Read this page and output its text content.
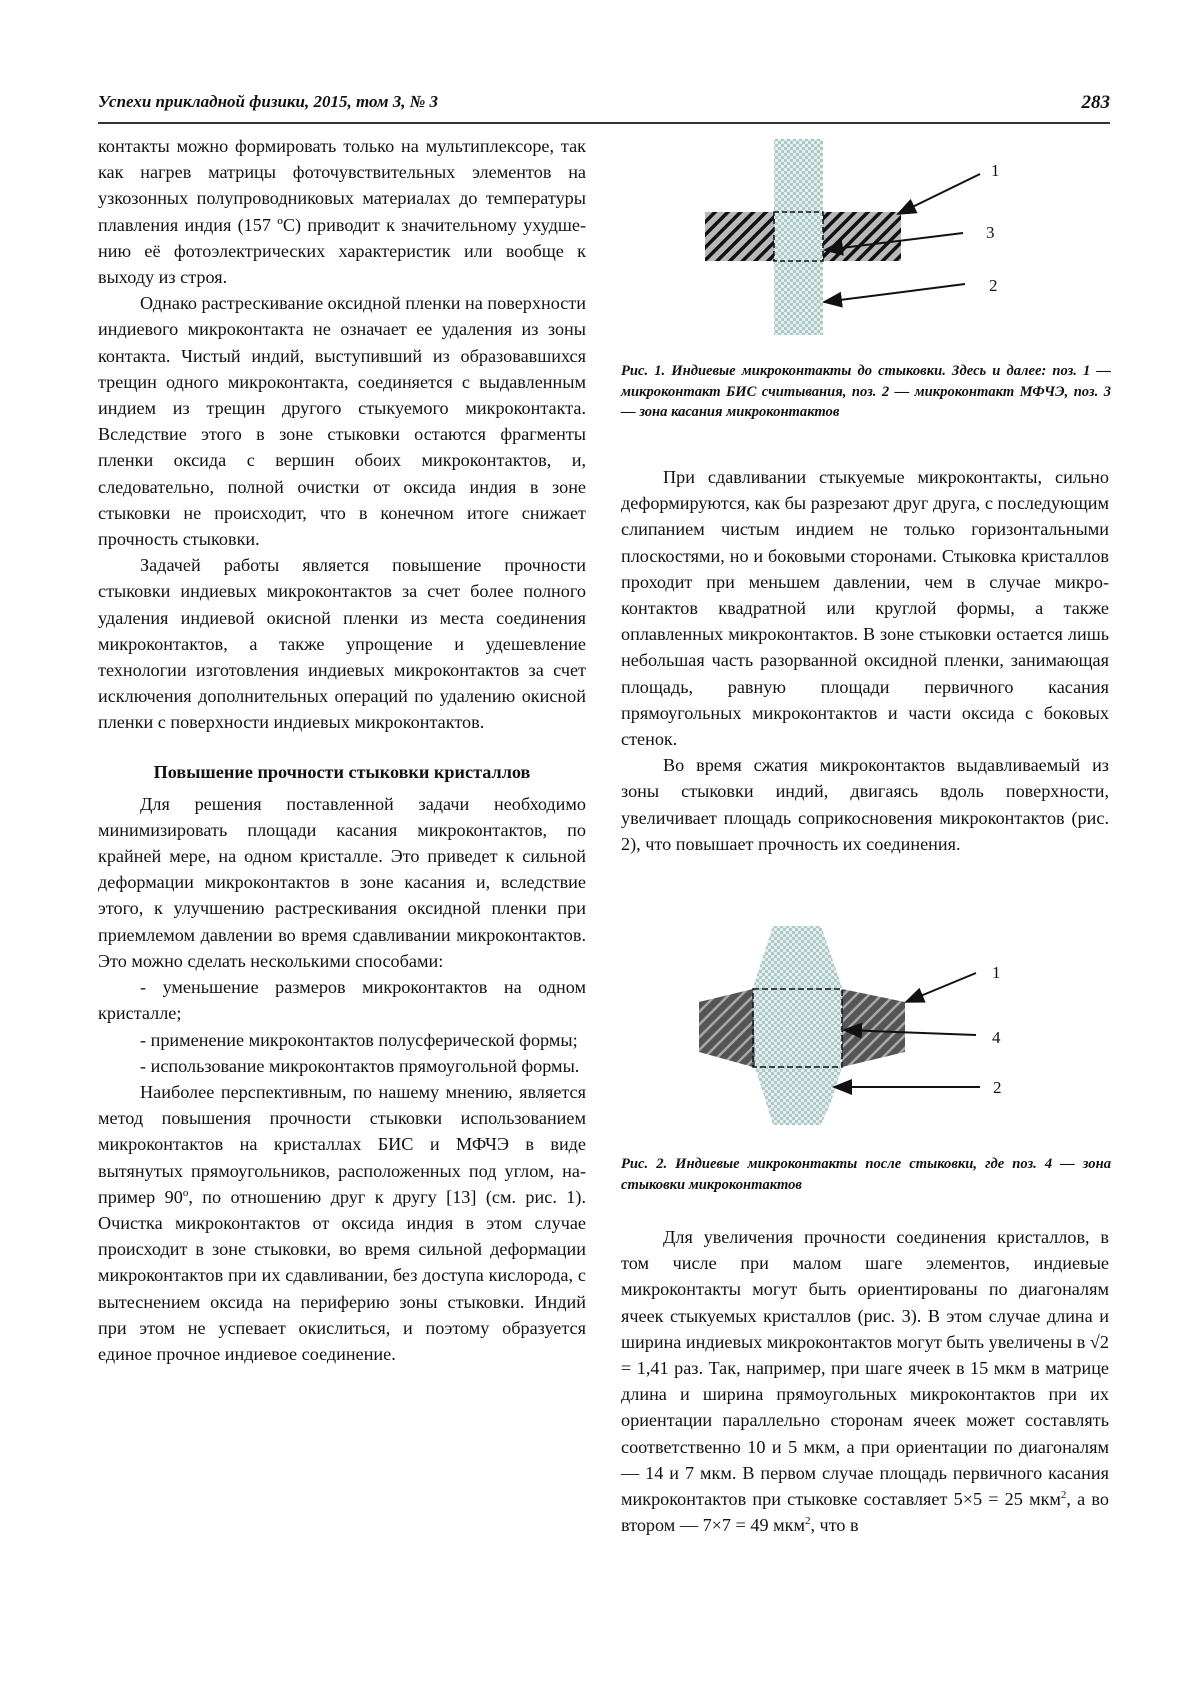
Успехи прикладной физики, 2015, том 3, № 3	283

контакты можно формировать только на мультиплексоре, так как нагрев матрицы фоточувствительных элементов на узкозонных полупроводниковых материалах до температуры плавления индия (157 ºС) приводит к значительному ухудшению её фотоэлектрических характеристик или вообще к выходу из строя.

Однако растрескивание оксидной пленки на поверхности индиевого микроконтакта не означает ее удаления из зоны контакта. Чистый индий, выступивший из образовавшихся трещин одного микроконтакта, соединяется с выдавленным индием из трещин другого стыкуемого микроконтакта. Вследствие этого в зоне стыковки остаются фрагменты пленки оксида с вершин обоих микроконтактов, и, следовательно, полной очистки от оксида индия в зоне стыковки не происходит, что в конечном итоге снижает прочность стыковки.

Задачей работы является повышение прочности стыковки индиевых микроконтактов за счет более полного удаления индиевой окисной пленки из места соединения микроконтактов, а также упрощение и удешевление технологии изготовления индиевых микроконтактов за счет исключения дополнительных операций по удалению окисной пленки с поверхности индиевых микроконтактов.

Повышение прочности стыковки кристаллов

Для решения поставленной задачи необходимо минимизировать площади касания микроконтактов, по крайней мере, на одном кристалле. Это приведет к сильной деформации микроконтактов в зоне касания и, вследствие этого, к улучшению растрескивания оксидной пленки при приемлемом давлении во время сдавливании микроконтактов. Это можно сделать несколькими способами:

- уменьшение размеров микроконтактов на одном кристалле;

- применение микроконтактов полусферической формы;

- использование микроконтактов прямоугольной формы.

Наиболее перспективным, по нашему мнению, является метод повышения прочности стыковки использованием микроконтактов на кристаллах БИС и МФЧЭ в виде вытянутых прямоугольников, расположенных под углом, например 90$^o$, по отношению друг к другу [13] (см. рис. 1). Очистка микроконтактов от оксида индия в этом случае происходит в зоне стыковки, во время сильной деформации микроконтактов при их сдавливании, без доступа кислорода, с вытеснением оксида на периферию зоны стыковки. Индий при этом не успевает окислиться, и поэтому образуется единое прочное индиевое соединение.

1
3
2
Рис. 1. Индиевые микроконтакты до стыковки. Здесь и далее: поз. 1 — микроконтакт БИС считывания, поз. 2 — микроконтакт МФЧЭ, поз. 3 — зона касания микроконтактов

При сдавливании стыкуемые микроконтакты, сильно деформируются, как бы разрезают друг друга, с последующим слипанием чистым индием не только горизонтальными плоскостями, но и боковыми сторонами. Стыковка кристаллов проходит при меньшем давлении, чем в случае микроконтактов квадратной или круглой формы, а также оплавленных микроконтактов. В зоне стыковки остается лишь небольшая часть разорванной оксидной пленки, занимающая площадь, равную площади первичного касания прямоугольных микроконтактов и части оксида с боковых стенок.

Во время сжатия микроконтактов выдавливаемый из зоны стыковки индий, двигаясь вдоль поверхности, увеличивает площадь соприкосновения микроконтактов (рис. 2), что повышает прочность их соединения.

1
4
2
Рис. 2. Индиевые микроконтакты после стыковки, где поз. 4 — зона стыковки микроконтактов

Для увеличения прочности соединения кристаллов, в том числе при малом шаге элементов, индиевые микроконтакты могут быть ориентированы по диагоналям ячеек стыкуемых кристаллов (рис. 3). В этом случае длина и ширина индиевых микроконтактов могут быть увеличены в √2 = 1,41 раз. Так, например, при шаге ячеек в 15 мкм в матрице длина и ширина прямоугольных микроконтактов при их ориентации параллельно сторонам ячеек может составлять соответственно 10 и 5 мкм, а при ориентации по диагоналям — 14 и 7 мкм. В первом случае площадь первичного касания микроконтактов при стыковке составляет 5×5 = 25 мкм$^2$, а во втором — 7×7 = 49 мкм$^2$, что в
